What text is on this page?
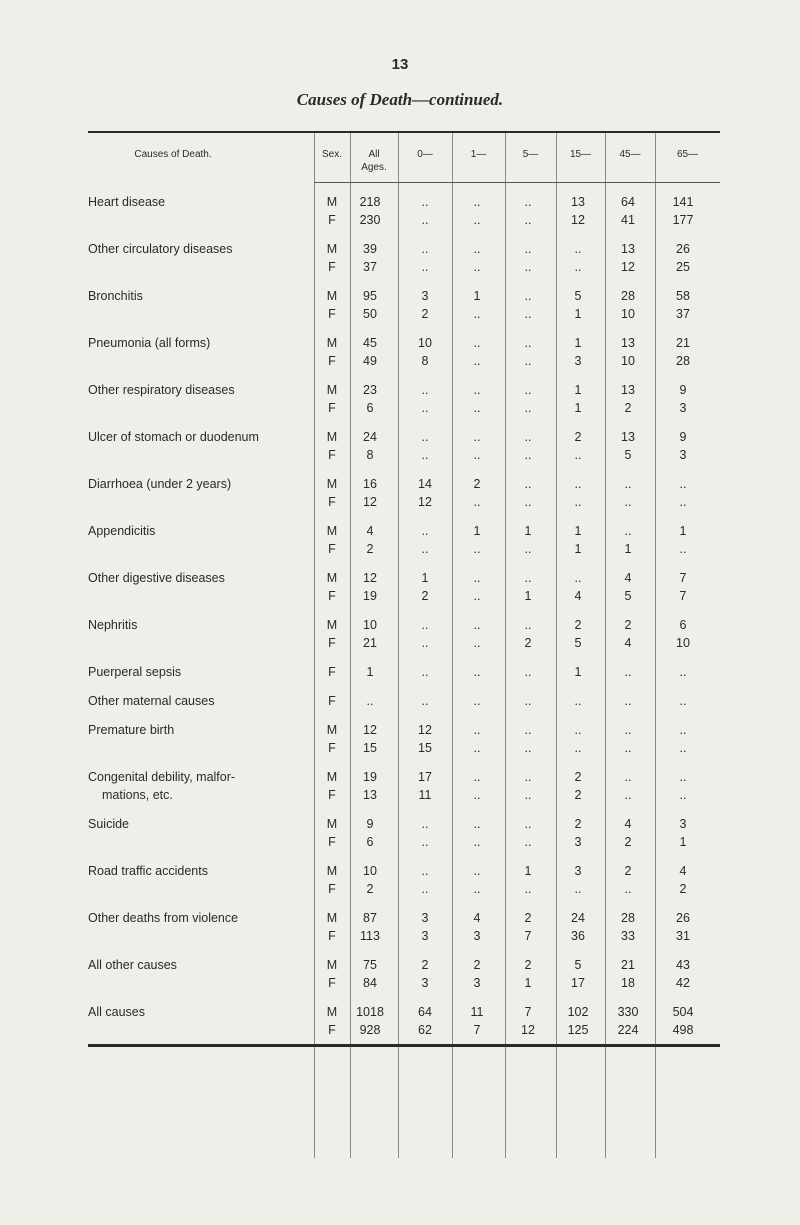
13
Causes of Death—continued.
Causes of Death.	Sex.	All
Ages.
0—	1—	5—	15—	45—	65—
Heart disease	M	218	..	..	..	13	64	141
F	230	..	..	..	12	41	177
Other circulatory diseases	M	39	..	..	..	..	13	26
F	37	..	..	..	..	12	25
Bronchitis	M	95	3	1	..	5	28	58
F	50	2	..	..	1	10	37
Pneumonia (all forms)	M	45	10	..	..	1	13	21
F	49	8	..	..	3	10	28
Other respiratory diseases	M	23	..	..	..	1	13	9
F	6	..	..	..	1	2	3
Ulcer of stomach or duodenum	M	24	..	..	..	2	13	9
F	8	..	..	..	..	5	3
Diarrhoea (under 2 years)	M	16	14	2	..	..	..	..
F	12	12	..	..	..	..	..
Appendicitis	M	4	..	1	1	1	..	1
F	2	..	..	..	1	1	..
Other digestive diseases	M	12	1	..	..	..	4	7
F	19	2	..	1	4	5	7
Nephritis	M	10	..	..	..	2	2	6
F	21	..	..	2	5	4	10
Puerperal sepsis	F	1	..	..	..	1	..	..
Other maternal causes	F	..	..	..	..	..	..	..
Premature birth	M	12	12	..	..	..	..	..
F	15	15	..	..	..	..	..
Congenital debility, malfor-	M	19	17	..	..	2	..	..
mations, etc.	F	13	11	..	..	2	..	..
Suicide	M	9	..	..	..	2	4	3
F	6	..	..	..	3	2	1
Road traffic accidents	M	10	..	..	1	3	2	4
F	2	..	..	..	..	..	2
Other deaths from violence	M	87	3	4	2	24	28	26
F	113	3	3	7	36	33	31
All other causes	M	75	2	2	2	5	21	43
F	84	3	3	1	17	18	42
All causes	M	1018	64	11	7	102	330	504
F	928	62	7	12	125	224	498
